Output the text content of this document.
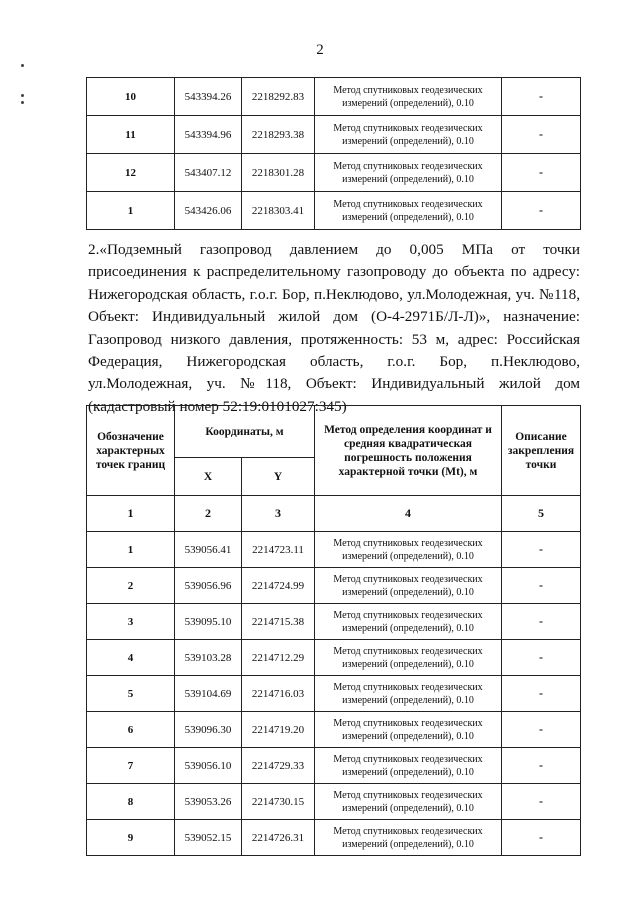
2
10	543394.26	2218292.83	Метод спутниковых геодезических измерений (определений), 0.10	-
11	543394.96	2218293.38	Метод спутниковых геодезических измерений (определений), 0.10	-
12	543407.12	2218301.28	Метод спутниковых геодезических измерений (определений), 0.10	-
1	543426.06	2218303.41	Метод спутниковых геодезических измерений (определений), 0.10	-

2.«Подземный газопровод давлением до 0,005 МПа от точки присоединения к распределительному газопроводу до объекта по адресу: Нижегородская область, г.о.г. Бор, п.Неклюдово, ул.Молодежная, уч. №118, Объект: Индивидуальный жилой дом (О-4-2971Б/Л-Л)», назначение: Газопровод низкого давления, протяженность: 53 м, адрес: Российская Федерация, Нижегородская область, г.о.г. Бор, п.Неклюдово, ул.Молодежная, уч. №118, Объект: Индивидуальный жилой дом (кадастровый номер 52:19:0101027:345)

Обозначение характерных точек границ	Координаты, м		Метод определения координат и средняя квадратическая погрешность положения характерной точки (Mt), м	Описание закрепления точки
	X	Y		
1	2	3	4	5
1	539056.41	2214723.11	Метод спутниковых геодезических измерений (определений), 0.10	-
2	539056.96	2214724.99	Метод спутниковых геодезических измерений (определений), 0.10	-
3	539095.10	2214715.38	Метод спутниковых геодезических измерений (определений), 0.10	-
4	539103.28	2214712.29	Метод спутниковых геодезических измерений (определений), 0.10	-
5	539104.69	2214716.03	Метод спутниковых геодезических измерений (определений), 0.10	-
6	539096.30	2214719.20	Метод спутниковых геодезических измерений (определений), 0.10	-
7	539056.10	2214729.33	Метод спутниковых геодезических измерений (определений), 0.10	-
8	539053.26	2214730.15	Метод спутниковых геодезических измерений (определений), 0.10	-
9	539052.15	2214726.31	Метод спутниковых геодезических измерений (определений), 0.10	-
